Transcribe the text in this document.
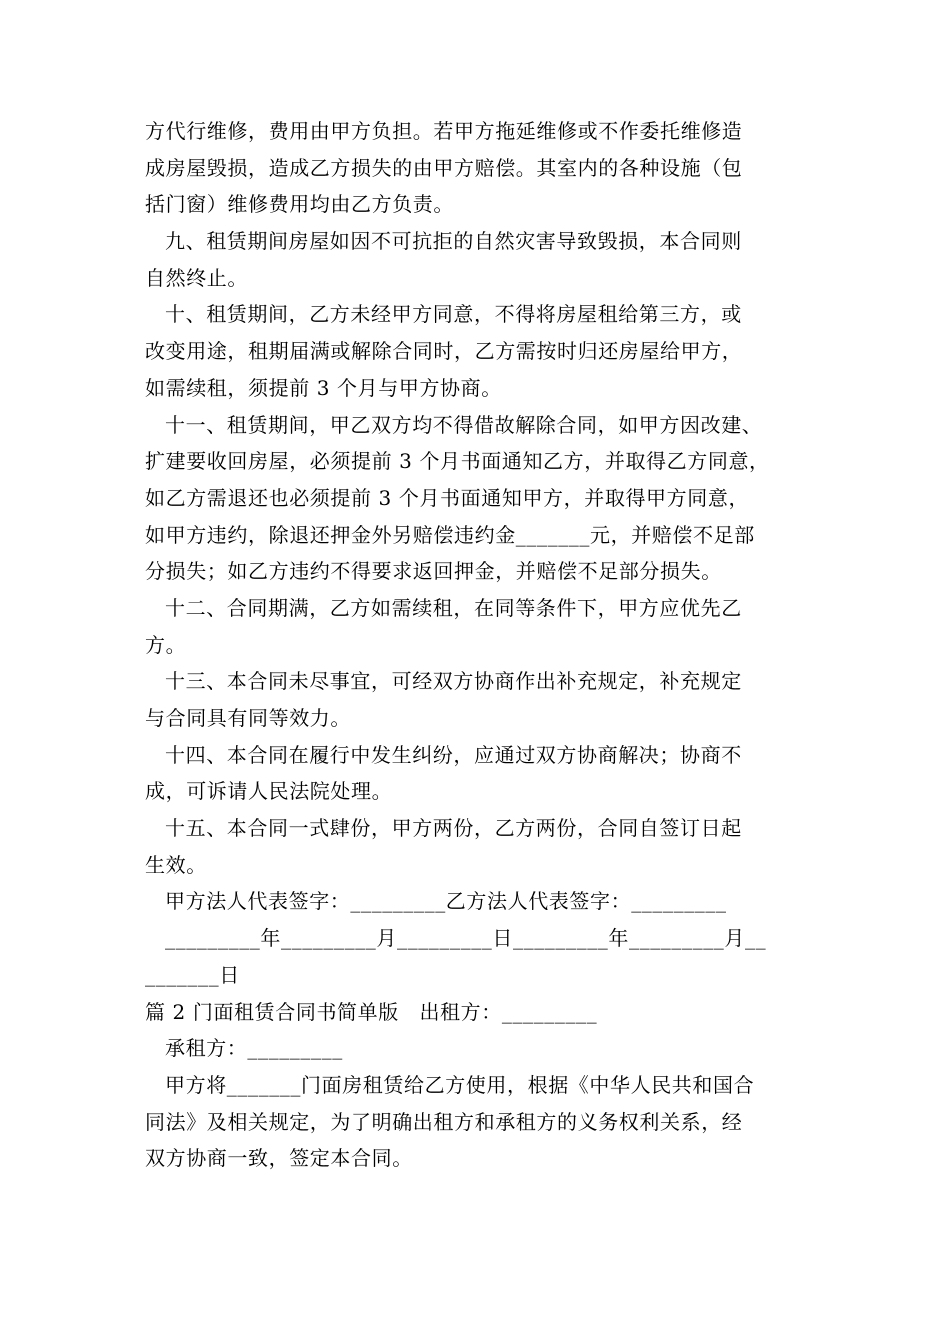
方代行维修，费用由甲方负担。若甲方拖延维修或不作委托维修造
成房屋毁损，造成乙方损失的由甲方赔偿。其室内的各种设施（包
括门窗）维修费用均由乙方负责。
九、租赁期间房屋如因不可抗拒的自然灾害导致毁损，本合同则
自然终止。
十、租赁期间，乙方未经甲方同意，不得将房屋租给第三方，或
改变用途，租期届满或解除合同时，乙方需按时归还房屋给甲方，
如需续租，须提前 3 个月与甲方协商。
十一、租赁期间，甲乙双方均不得借故解除合同，如甲方因改建、
扩建要收回房屋，必须提前 3 个月书面通知乙方，并取得乙方同意，
如乙方需退还也必须提前 3 个月书面通知甲方，并取得甲方同意，
如甲方违约，除退还押金外另赔偿违约金_______元，并赔偿不足部
分损失；如乙方违约不得要求返回押金，并赔偿不足部分损失。
十二、合同期满，乙方如需续租，在同等条件下，甲方应优先乙
方。
十三、本合同未尽事宜，可经双方协商作出补充规定，补充规定
与合同具有同等效力。
十四、本合同在履行中发生纠纷，应通过双方协商解决；协商不
成，可诉请人民法院处理。
十五、本合同一式肆份，甲方两份，乙方两份，合同自签订日起
生效。
甲方法人代表签字：_________乙方法人代表签字：_________
_________年_________月_________日_________年_________月__
_______日
篇 2 门面租赁合同书简单版　出租方：_________
承租方：_________
甲方将_______门面房租赁给乙方使用，根据《中华人民共和国合
同法》及相关规定，为了明确出租方和承租方的义务权利关系，经
双方协商一致，签定本合同。
